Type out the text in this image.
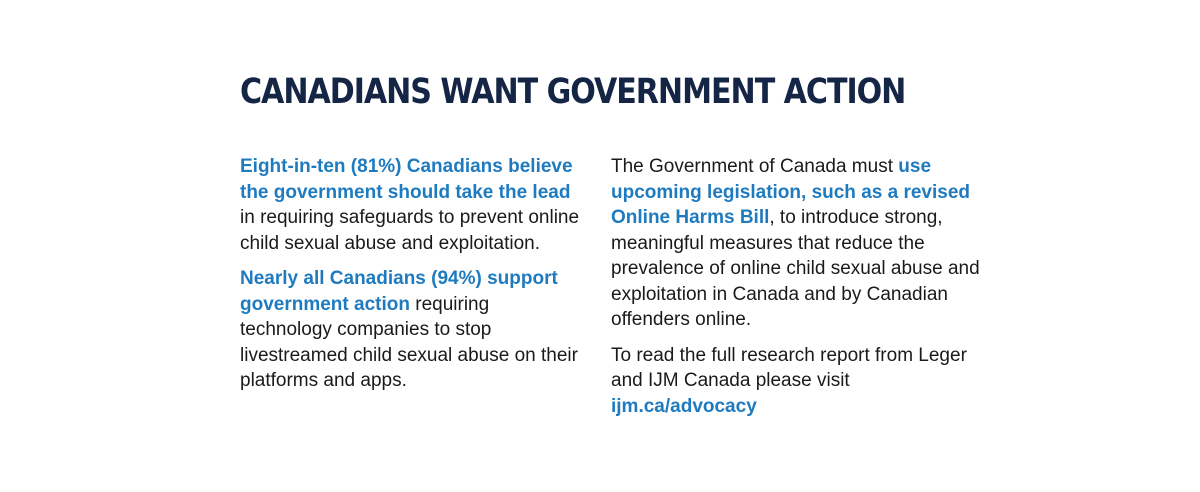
CANADIANS WANT GOVERNMENT ACTION

Eight-in-ten (81%) Canadians believe the government should take the lead in requiring safeguards to prevent online child sexual abuse and exploitation.

Nearly all Canadians (94%) support government action requiring technology companies to stop livestreamed child sexual abuse on their platforms and apps.

The Government of Canada must use upcoming legislation, such as a revised Online Harms Bill, to introduce strong, meaningful measures that reduce the prevalence of online child sexual abuse and exploitation in Canada and by Canadian offenders online.

To read the full research report from Leger and IJM Canada please visit ijm.ca/advocacy
